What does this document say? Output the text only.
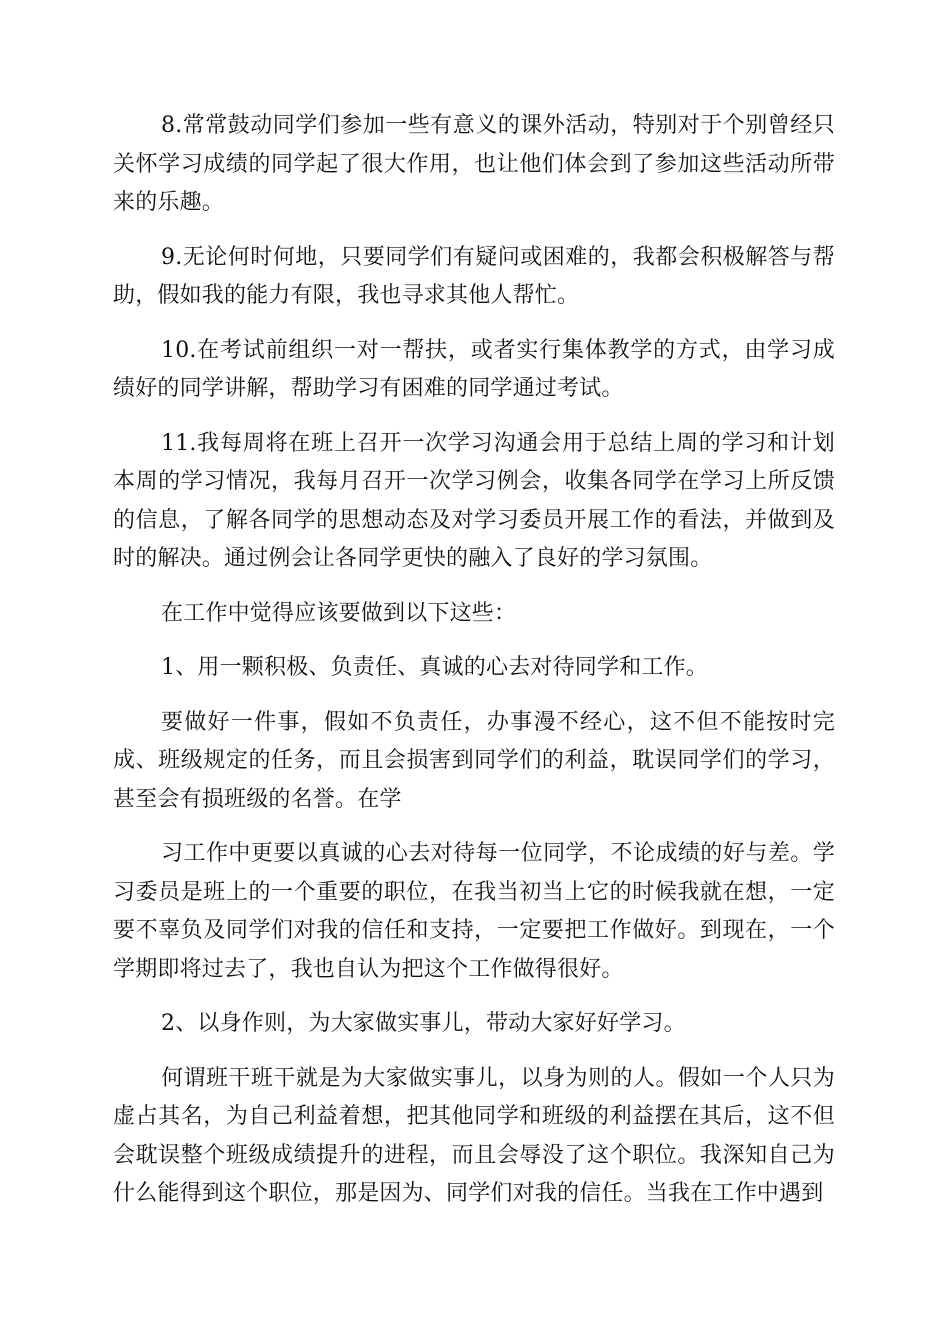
8.常常鼓动同学们参加一些有意义的课外活动，特别对于个别曾经只关怀学习成绩的同学起了很大作用，也让他们体会到了参加这些活动所带来的乐趣。

9.无论何时何地，只要同学们有疑问或困难的，我都会积极解答与帮助，假如我的能力有限，我也寻求其他人帮忙。

10.在考试前组织一对一帮扶，或者实行集体教学的方式，由学习成绩好的同学讲解，帮助学习有困难的同学通过考试。

11.我每周将在班上召开一次学习沟通会用于总结上周的学习和计划本周的学习情况，我每月召开一次学习例会，收集各同学在学习上所反馈的信息，了解各同学的思想动态及对学习委员开展工作的看法，并做到及时的解决。通过例会让各同学更快的融入了良好的学习氛围。

在工作中觉得应该要做到以下这些：

1、用一颗积极、负责任、真诚的心去对待同学和工作。

要做好一件事，假如不负责任，办事漫不经心，这不但不能按时完成、班级规定的任务，而且会损害到同学们的利益，耽误同学们的学习，甚至会有损班级的名誉。在学

习工作中更要以真诚的心去对待每一位同学，不论成绩的好与差。学习委员是班上的一个重要的职位，在我当初当上它的时候我就在想，一定要不辜负及同学们对我的信任和支持，一定要把工作做好。到现在，一个学期即将过去了，我也自认为把这个工作做得很好。

2、以身作则，为大家做实事儿，带动大家好好学习。

何谓班干班干就是为大家做实事儿，以身为则的人。假如一个人只为虚占其名，为自己利益着想，把其他同学和班级的利益摆在其后，这不但会耽误整个班级成绩提升的进程，而且会辱没了这个职位。我深知自己为什么能得到这个职位，那是因为、同学们对我的信任。当我在工作中遇到
